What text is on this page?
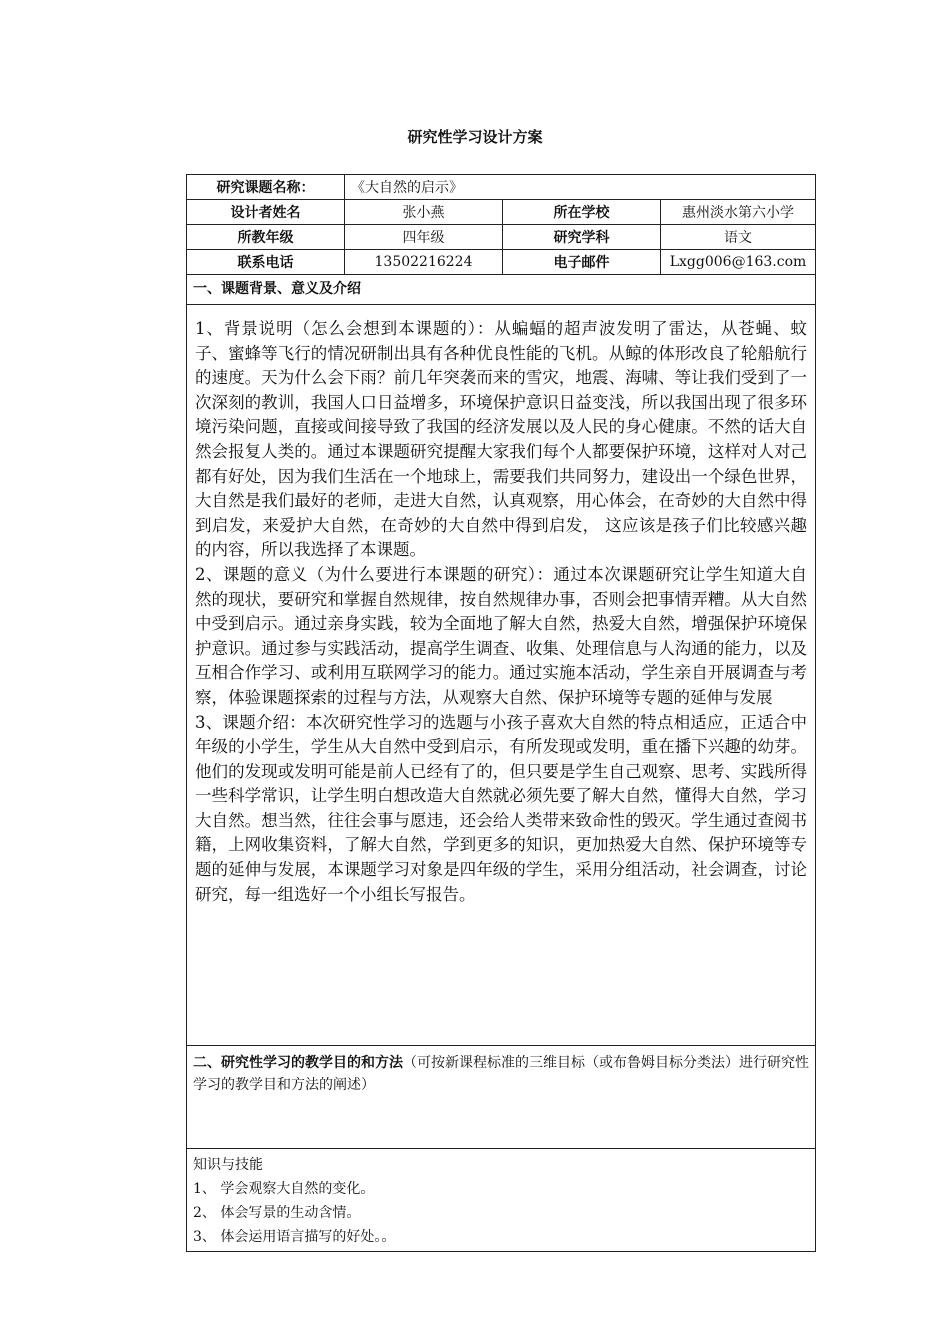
研究性学习设计方案
研究课题名称：	《大自然的启示》		
设计者姓名	张小燕	所在学校	惠州淡水第六小学
所教年级	四年级	研究学科	语文
联系电话	13502216224	电子邮件	Lxgg006@163.com
一、课题背景、意义及介绍			

1、背景说明（怎么会想到本课题的）：从蝙蝠的超声波发明了雷达，从苍蝇、蚊子、蜜蜂等飞行的情况研制出具有各种优良性能的飞机。从鲸的体形改良了轮船航行的速度。天为什么会下雨？前几年突袭而来的雪灾，地震、海啸、等让我们受到了一次深刻的教训，我国人口日益增多，环境保护意识日益变浅，所以我国出现了很多环境污染问题，直接或间接导致了我国的经济发展以及人民的身心健康。不然的话大自然会报复人类的。通过本课题研究提醒大家我们每个人都要保护环境，这样对人对己都有好处，因为我们生活在一个地球上，需要我们共同努力，建设出一个绿色世界，大自然是我们最好的老师，走进大自然，认真观察，用心体会，在奇妙的大自然中得到启发，来爱护大自然，在奇妙的大自然中得到启发， 这应该是孩子们比较感兴趣的内容，所以我选择了本课题。

2、课题的意义（为什么要进行本课题的研究）：通过本次课题研究让学生知道大自然的现状，要研究和掌握自然规律，按自然规律办事，否则会把事情弄糟。从大自然中受到启示。通过亲身实践，较为全面地了解大自然，热爱大自然，增强保护环境保护意识。通过参与实践活动，提高学生调查、收集、处理信息与人沟通的能力，以及互相合作学习、或利用互联网学习的能力。通过实施本活动，学生亲自开展调查与考察，体验课题探索的过程与方法，从观察大自然、保护环境等专题的延伸与发展

3、课题介绍：本次研究性学习的选题与小孩子喜欢大自然的特点相适应，正适合中年级的小学生，学生从大自然中受到启示，有所发现或发明，重在播下兴趣的幼芽。他们的发现或发明可能是前人已经有了的，但只要是学生自己观察、思考、实践所得一些科学常识，让学生明白想改造大自然就必须先要了解大自然，懂得大自然，学习大自然。想当然，往往会事与愿违，还会给人类带来致命性的毁灭。学生通过查阅书籍，上网收集资料，了解大自然，学到更多的知识，更加热爱大自然、保护环境等专题的延伸与发展，本课题学习对象是四年级的学生，采用分组活动，社会调查，讨论研究，每一组选好一个小组长写报告。			

二、研究性学习的教学目的和方法（可按新课程标准的三维目标（或布鲁姆目标分类法）进行研究性学习的教学目和方法的阐述）			

知识与技能
1、 学会观察大自然的变化。
2、 体会写景的生动含情。
3、 体会运用语言描写的好处。。			
